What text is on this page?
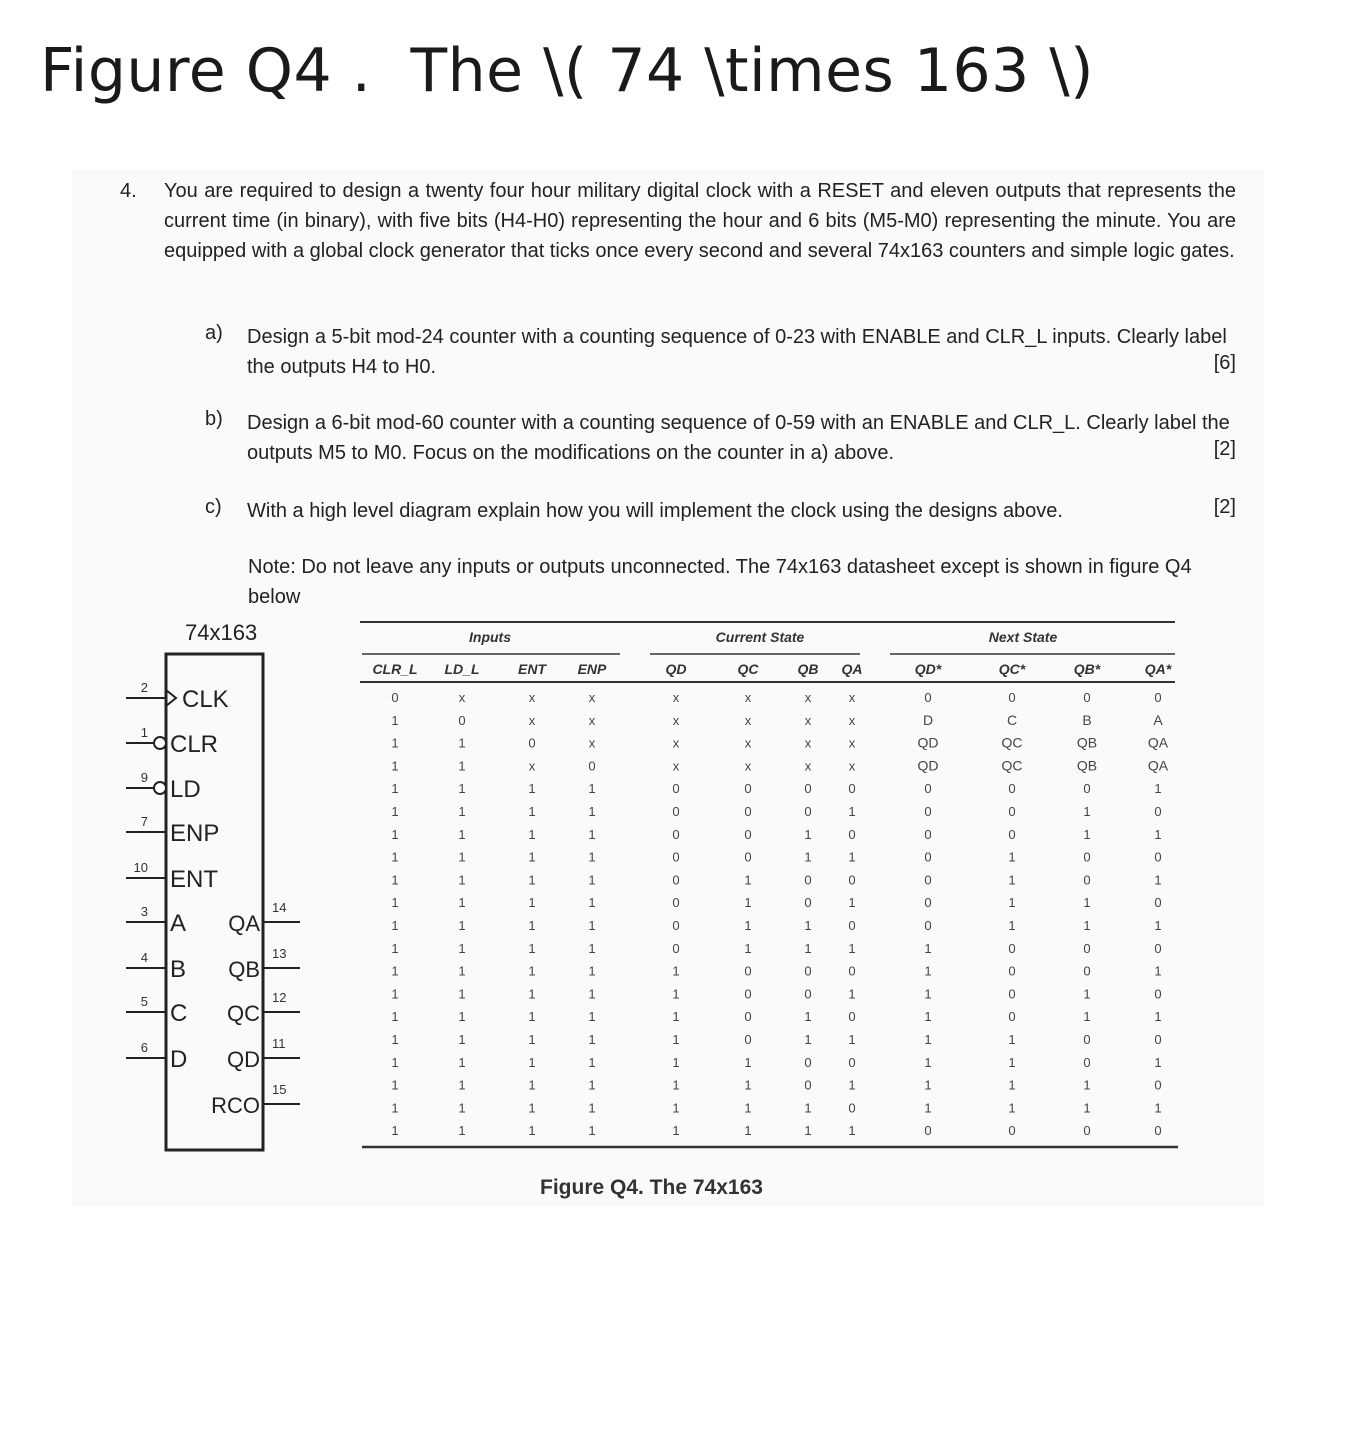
Figure Q4 .  The \( 74 \times 163 \)
4. You are required to design a twenty four hour military digital clock with a RESET and eleven outputs that represents the current time (in binary), with five bits (H4-H0) representing the hour and 6 bits (M5-M0) representing the minute. You are equipped with a global clock generator that ticks once every second and several 74x163 counters and simple logic gates.
a) Design a 5-bit mod-24 counter with a counting sequence of 0-23 with ENABLE and CLR_L inputs. Clearly label the outputs H4 to H0.	[6]
b) Design a 6-bit mod-60 counter with a counting sequence of 0-59 with an ENABLE and CLR_L. Clearly label the outputs M5 to M0. Focus on the modifications on the counter in a) above.	[2]
c) With a high level diagram explain how you will implement the clock using the designs above.	[2]
Note: Do not leave any inputs or outputs unconnected. The 74x163 datasheet except is shown in figure Q4 below
74x163
2 CLK
1 CLR
9 LD
7 ENP
10 ENT
3 A
4 B
5 C
6 D
14
QA
13
QB
12
QC
11
QD
15
RCO
Inputs	Current State	Next State
CLR_L LD_L	ENT ENP	QD	QC	QB QA	QD*	QC*	QB*	QA*
0	x	x	x	x	x	x	x	0	0	0	0
1	0	x	x	x	x	x	x	D	C	B	A
1	1	0	x	x	x	x	x	QD	QC	QB	QA
1	1	x	0	x	x	x	x	QD	QC	QB	QA
1	1	1	1	0	0	0	0	0	0	0	1
1	1	1	1	0	0	0	1	0	0	1	0
1	1	1	1	0	0	1	0	0	0	1	1
1	1	1	1	0	0	1	1	0	1	0	0
1	1	1	1	0	1	0	0	0	1	0	1
1	1	1	1	0	1	0	1	0	1	1	0
1	1	1	1	0	1	1	0	0	1	1	1
1	1	1	1	0	1	1	1	1	0	0	0
1	1	1	1	1	0	0	0	1	0	0	1
1	1	1	1	1	0	0	1	1	0	1	0
1	1	1	1	1	0	1	0	1	0	1	1
1	1	1	1	1	0	1	1	1	1	0	0
1	1	1	1	1	1	0	0	1	1	0	1
1	1	1	1	1	1	0	1	1	1	1	0
1	1	1	1	1	1	1	0	1	1	1	1
1	1	1	1	1	1	1	1	0	0	0	0
Figure Q4. The 74x163
